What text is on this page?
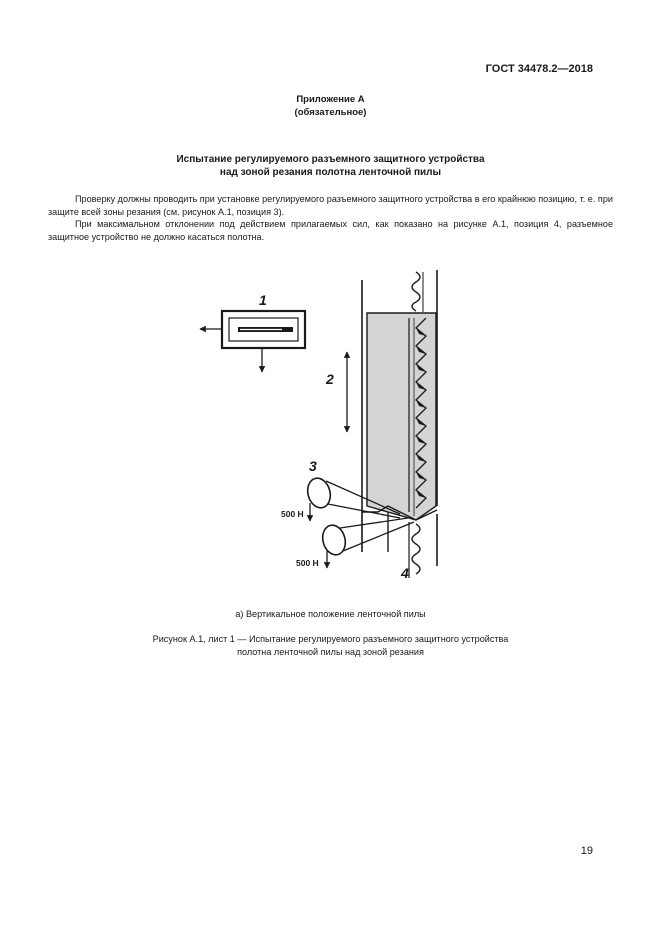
ГОСТ 34478.2—2018
Приложение А
(обязательное)
Испытание регулируемого разъемного защитного устройства
над зоной резания полотна ленточной пилы
Проверку должны проводить при установке регулируемого разъемного защитного устройства в его крайнюю позицию, т. е. при защите всей зоны резания (см. рисунок А.1, позиция 3).
При максимальном отклонении под действием прилагаемых сил, как показано на рисунке А.1, позиция 4, разъемное защитное устройство не должно касаться полотна.
1
2
3
500 Н
500 Н
4
а) Вертикальное положение ленточной пилы
Рисунок А.1, лист 1 — Испытание регулируемого разъемного защитного устройства
полотна ленточной пилы над зоной резания
19
